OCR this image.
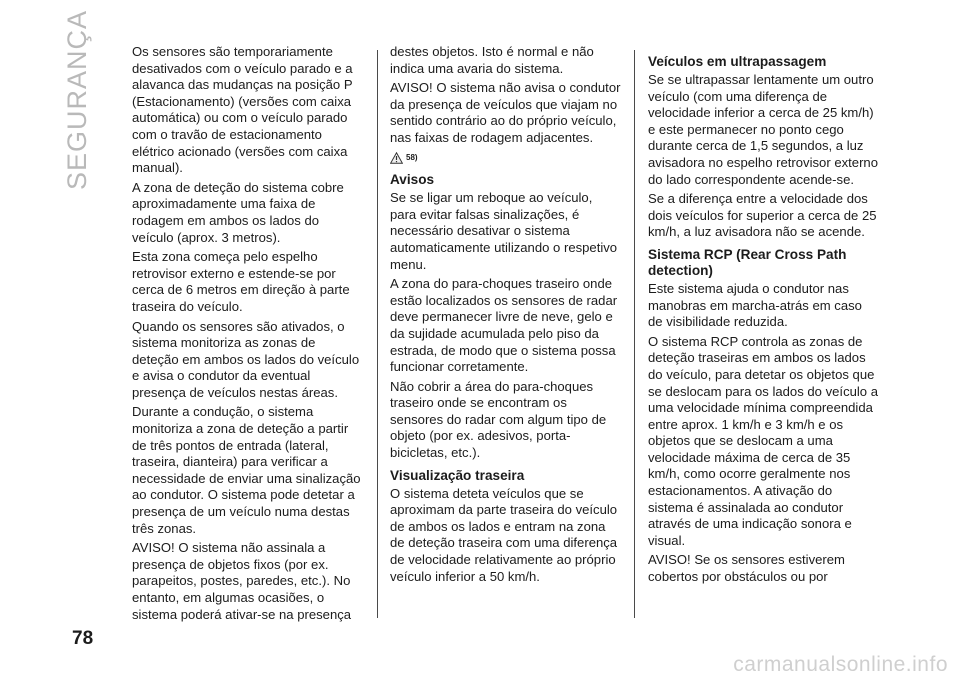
SEGURANÇA	Os sensores são temporariamente desativados com o veículo parado e a alavanca das mudanças na posição P (Estacionamento) (versões com caixa automática) ou com o veículo parado com o travão de estacionamento elétrico acionado (versões com caixa manual).

A zona de deteção do sistema cobre aproximadamente uma faixa de rodagem em ambos os lados do veículo (aprox. 3 metros).

Esta zona começa pelo espelho retrovisor externo e estende-se por cerca de 6 metros em direção à parte traseira do veículo.

Quando os sensores são ativados, o sistema monitoriza as zonas de deteção em ambos os lados do veículo e avisa o condutor da eventual presença de veículos nestas áreas.

Durante a condução, o sistema monitoriza a zona de deteção a partir de três pontos de entrada (lateral, traseira, dianteira) para verificar a necessidade de enviar uma sinalização ao condutor. O sistema pode detetar a presença de um veículo numa destas três zonas.

AVISO! O sistema não assinala a presença de objetos fixos (por ex. parapeitos, postes, paredes, etc.). No entanto, em algumas ocasiões, o sistema poderá ativar-se na presença

destes objetos. Isto é normal e não indica uma avaria do sistema.

AVISO! O sistema não avisa o condutor da presença de veículos que viajam no sentido contrário ao do próprio veículo, nas faixas de rodagem adjacentes.

58)
Avisos

Se se ligar um reboque ao veículo, para evitar falsas sinalizações, é necessário desativar o sistema automaticamente utilizando o respetivo menu.

A zona do para-choques traseiro onde estão localizados os sensores de radar deve permanecer livre de neve, gelo e da sujidade acumulada pelo piso da estrada, de modo que o sistema possa funcionar corretamente.

Não cobrir a área do para-choques traseiro onde se encontram os sensores do radar com algum tipo de objeto (por ex. adesivos, porta-bicicletas, etc.).

Visualização traseira

O sistema deteta veículos que se aproximam da parte traseira do veículo de ambos os lados e entram na zona de deteção traseira com uma diferença de velocidade relativamente ao próprio veículo inferior a 50 km/h.

Veículos em ultrapassagem

Se se ultrapassar lentamente um outro veículo (com uma diferença de velocidade inferior a cerca de 25 km/h) e este permanecer no ponto cego durante cerca de 1,5 segundos, a luz avisadora no espelho retrovisor externo do lado correspondente acende-se.

Se a diferença entre a velocidade dos dois veículos for superior a cerca de 25 km/h, a luz avisadora não se acende.

Sistema RCP (Rear Cross Path detection)

Este sistema ajuda o condutor nas manobras em marcha-atrás em caso de visibilidade reduzida.

O sistema RCP controla as zonas de deteção traseiras em ambos os lados do veículo, para detetar os objetos que se deslocam para os lados do veículo a uma velocidade mínima compreendida entre aprox. 1 km/h e 3 km/h e os objetos que se deslocam a uma velocidade máxima de cerca de 35 km/h, como ocorre geralmente nos estacionamentos. A ativação do sistema é assinalada ao condutor através de uma indicação sonora e visual.

AVISO! Se os sensores estiverem cobertos por obstáculos ou por

78
carmanualsonline.info
